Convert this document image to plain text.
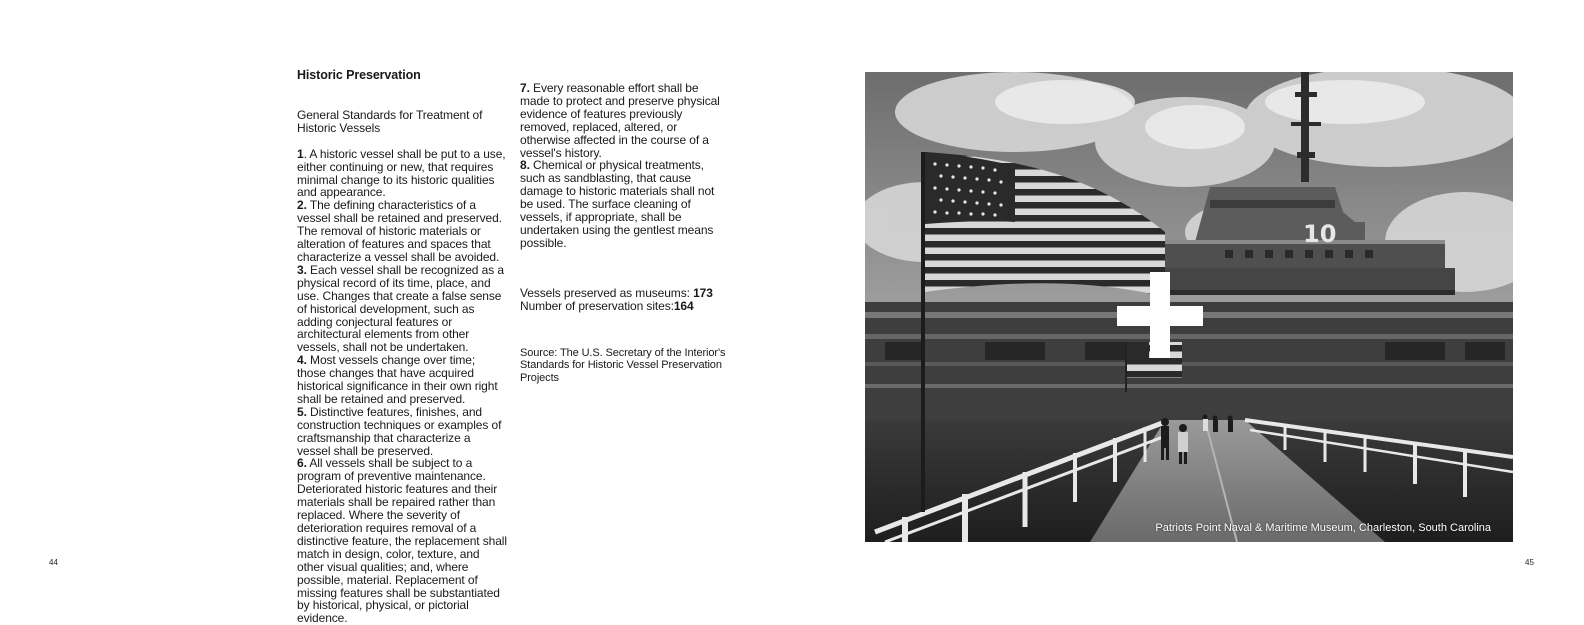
Historic Preservation

General Standards for Treatment of Historic Vessels

1. A historic vessel shall be put to a use, either continuing or new, that requires minimal change to its historic qualities and appearance.

2. The defining characteristics of a vessel shall be retained and preserved. The removal of historic materials or alteration of features and spaces that characterize a vessel shall be avoided.

3. Each vessel shall be recognized as a physical record of its time, place, and use. Changes that create a false sense of historical development, such as adding conjectural features or architectural elements from other vessels, shall not be undertaken.

4. Most vessels change over time; those changes that have acquired historical significance in their own right shall be retained and preserved.

5. Distinctive features, finishes, and construction techniques or examples of craftsmanship that characterize a vessel shall be preserved.

6. All vessels shall be subject to a program of preventive maintenance. Deteriorated historic features and their materials shall be repaired rather than replaced. Where the severity of deterioration requires removal of a distinctive feature, the replacement shall match in design, color, texture, and other visual qualities; and, where possible, material. Replacement of missing features shall be substantiated by historical, physical, or pictorial evidence.

7. Every reasonable effort shall be made to protect and preserve physical evidence of features previously removed, replaced, altered, or otherwise affected in the course of a vessel's history.

8. Chemical or physical treatments, such as sandblasting, that cause damage to historic materials shall not be used. The surface cleaning of vessels, if appropriate, shall be undertaken using the gentlest means possible.

Vessels preserved as museums: 173

Number of preservation sites:164

Source: The U.S. Secretary of the Interior's Standards for Historic Vessel Preservation Projects

44	45
10
Patriots Point Naval & Maritime Museum, Charleston, South Carolina
